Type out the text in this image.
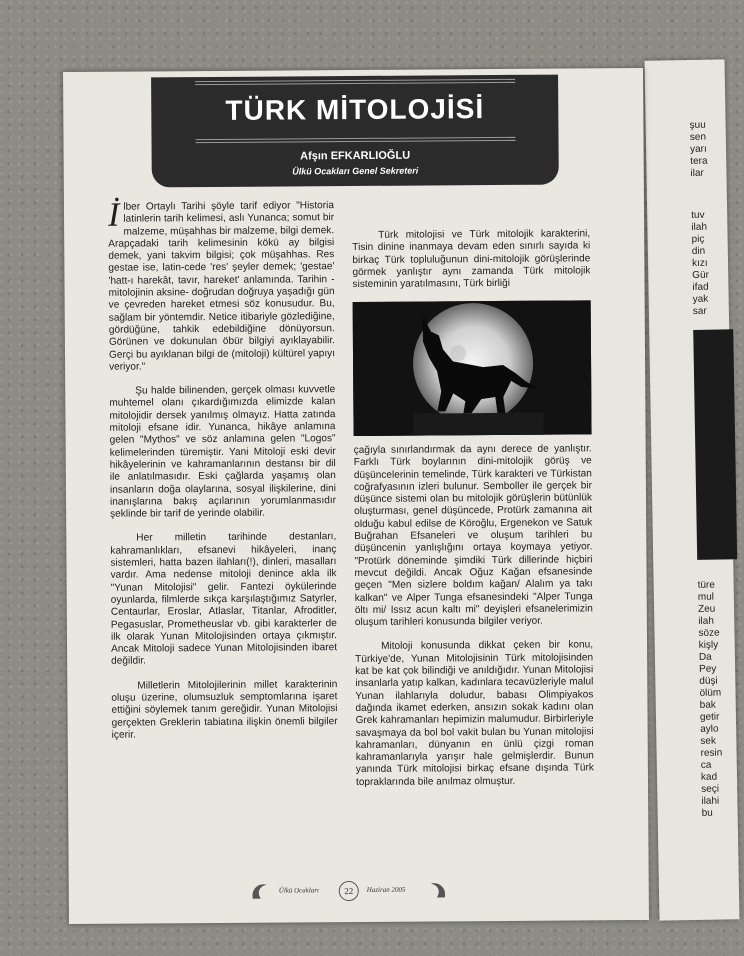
şuu
sen
yarı
tera
ilar
tuv
ilah
piç
din
kızı
Gür
ifad
yak
sar
türe
mul
Zeu
ilah
söze
kişly
Da
Pey
düşi
ölüm
bak
getir
aylo
sek
resin
ca
kad
seçi
ilahi
bu
TÜRK MİTOLOJİSİ
Afşın EFKARLIOĞLU
Ülkü Ocakları Genel Sekreteri

İlber Ortaylı Tarihi şöyle tarif ediyor "Historia latinlerin tarih kelimesi, aslı Yunanca; somut bir malzeme, müşahhas bir malzeme, bilgi demek. Arapçadaki tarih kelimesinin kökü ay bilgisi demek, yani takvim bilgisi; çok müşahhas. Res gestae ise, latin-cede 'res' şeyler demek; 'gestae' 'hatt-ı harekât, tavır, hareket' anlamında. Tarihin -mitolojinin aksine- doğrudan doğruya yaşadığı gün ve çevreden hareket etmesi söz konusudur. Bu, sağlam bir yöntemdir. Netice itibariyle gözlediğine, gördüğüne, tahkik edebildiğine dönüyorsun. Görünen ve dokunulan öbür bilgiyi ayıklayabilir. Gerçi bu ayıklanan bilgi de (mitoloji) kültürel yapıyı veriyor."

Şu halde bilinenden, gerçek olması kuvvetle muhtemel olanı çıkardığımızda elimizde kalan mitolojidir dersek yanılmış olmayız. Hatta zatında mitoloji efsane idir. Yunanca, hikâye anlamına gelen "Mythos" ve söz anlamına gelen "Logos" kelimelerinden türemiştir. Yani Mitoloji eski devir hikâyelerinin ve kahramanlarının destansı bir dil ile anlatılmasıdır. Eski çağlarda yaşamış olan insanların doğa olaylarına, sosyal ilişkilerine, dini inanışlarına bakış açılarının yorumlanmasıdır şeklinde bir tarif de yerinde olabilir.

Her milletin tarihinde destanları, kahramanlıkları, efsanevi hikâyeleri, inanç sistemleri, hatta bazen ilahları(!), dinleri, masalları vardır. Ama nedense mitoloji denince akla ilk "Yunan Mitolojisi" gelir. Fantezi öykülerinde oyunlarda, filmlerde sıkça karşılaştığımız Satyrler, Centaurlar, Eroslar, Atlaslar, Titanlar, Afroditler, Pegasuslar, Prometheuslar vb. gibi karakterler de ilk olarak Yunan Mitolojisinden ortaya çıkmıştır. Ancak Mitoloji sadece Yunan Mitolojisinden ibaret değildir.

Milletlerin Mitolojilerinin millet karakterinin oluşu üzerine, olumsuzluk semptomlarına işaret ettiğini söylemek tanım gereğidir. Yunan Mitolojisi gerçekten Greklerin tabiatına ilişkin önemli bilgiler içerir.

Türk mitolojisi ve Türk mitolojik karakterini, Tisin dinine inanmaya devam eden sınırlı sayıda ki birkaç Türk topluluğunun dini-mitolojik görüşlerinde görmek yanlıştır aynı zamanda Türk mitolojik sisteminin yaratılmasını, Türk birliği

çağıyla sınırlandırmak da aynı derece de yanlıştır. Farklı Türk boylarının dini-mitolojik görüş ve düşüncelerinin temelinde, Türk karakteri ve Türkistan coğrafyasının izleri bulunur. Semboller ile gerçek bir düşünce sistemi olan bu mitolojik görüşlerin bütünlük oluşturması, genel düşüncede, Protürk zamanına ait olduğu kabul edilse de Köroğlu, Ergenekon ve Satuk Buğrahan Efsaneleri ve oluşum tarihleri bu düşüncenin yanlışlığını ortaya koymaya yetiyor. "Protürk döneminde şimdiki Türk dillerinde hiçbiri mevcut değildi. Ancak Oğuz Kağan efsanesinde geçen "Men sizlere boldım kağan/ Alalım ya takı kalkan" ve Alper Tunga efsanesindeki "Alper Tunga öltı mi/ Issız acun kaltı mi" deyişleri efsanelerimizin oluşum tarihleri konusunda bilgiler veriyor.

Mitoloji konusunda dikkat çeken bir konu, Türkiye'de, Yunan Mitolojisinin Türk mitolojisinden kat be kat çok bilindiği ve anıldığıdır. Yunan Mitolojisi insanlarla yatıp kalkan, kadınlara tecavüzleriyle malul Yunan ilahlarıyla doludur, babası Olimpiyakos dağında ikamet ederken, ansızın sokak kadını olan Grek kahramanları hepimizin malumudur. Birbirleriyle savaşmaya da bol bol vakit bulan bu Yunan mitolojisi kahramanları, dünyanın en ünlü çizgi roman kahramanlarıyla yarışır hale gelmişlerdir. Bunun yanında Türk mitolojisi birkaç efsane dışında Türk topraklarında bile anılmaz olmuştur.

Ülkü Ocakları	22	Haziran 2005
